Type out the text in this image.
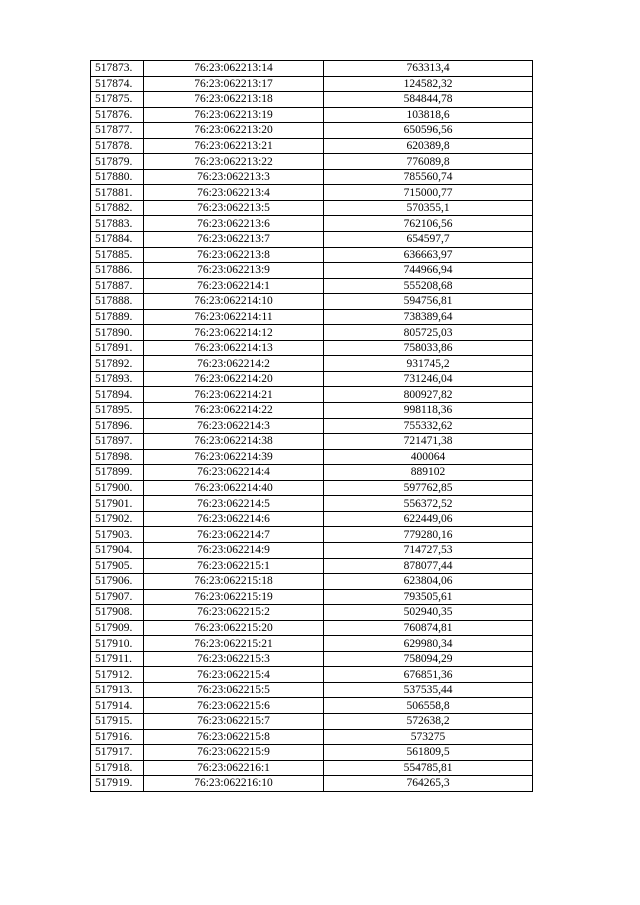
517873.	76:23:062213:14	763313,4
517874.	76:23:062213:17	124582,32
517875.	76:23:062213:18	584844,78
517876.	76:23:062213:19	103818,6
517877.	76:23:062213:20	650596,56
517878.	76:23:062213:21	620389,8
517879.	76:23:062213:22	776089,8
517880.	76:23:062213:3	785560,74
517881.	76:23:062213:4	715000,77
517882.	76:23:062213:5	570355,1
517883.	76:23:062213:6	762106,56
517884.	76:23:062213:7	654597,7
517885.	76:23:062213:8	636663,97
517886.	76:23:062213:9	744966,94
517887.	76:23:062214:1	555208,68
517888.	76:23:062214:10	594756,81
517889.	76:23:062214:11	738389,64
517890.	76:23:062214:12	805725,03
517891.	76:23:062214:13	758033,86
517892.	76:23:062214:2	931745,2
517893.	76:23:062214:20	731246,04
517894.	76:23:062214:21	800927,82
517895.	76:23:062214:22	998118,36
517896.	76:23:062214:3	755332,62
517897.	76:23:062214:38	721471,38
517898.	76:23:062214:39	400064
517899.	76:23:062214:4	889102
517900.	76:23:062214:40	597762,85
517901.	76:23:062214:5	556372,52
517902.	76:23:062214:6	622449,06
517903.	76:23:062214:7	779280,16
517904.	76:23:062214:9	714727,53
517905.	76:23:062215:1	878077,44
517906.	76:23:062215:18	623804,06
517907.	76:23:062215:19	793505,61
517908.	76:23:062215:2	502940,35
517909.	76:23:062215:20	760874,81
517910.	76:23:062215:21	629980,34
517911.	76:23:062215:3	758094,29
517912.	76:23:062215:4	676851,36
517913.	76:23:062215:5	537535,44
517914.	76:23:062215:6	506558,8
517915.	76:23:062215:7	572638,2
517916.	76:23:062215:8	573275
517917.	76:23:062215:9	561809,5
517918.	76:23:062216:1	554785,81
517919.	76:23:062216:10	764265,3
